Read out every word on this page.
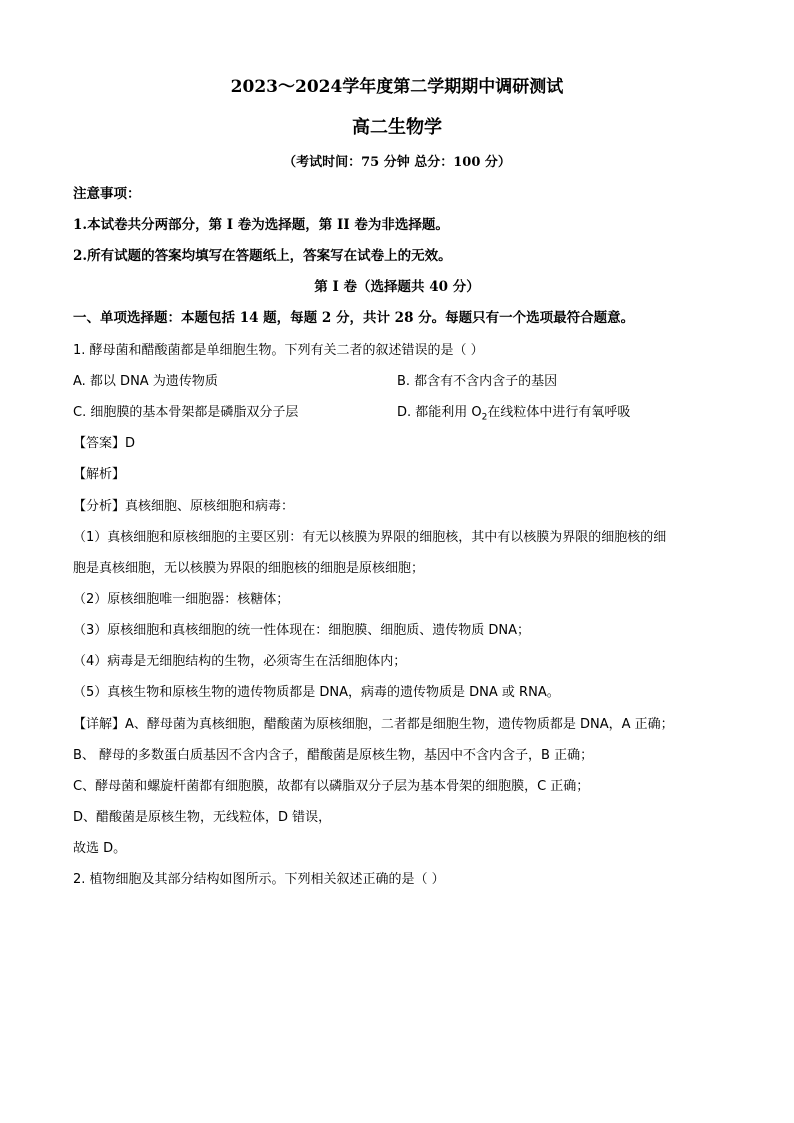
2023～2024学年度第二学期期中调研测试
高二生物学
（考试时间：75 分钟 总分：100 分）
注意事项：
1.本试卷共分两部分，第 I 卷为选择题，第 II 卷为非选择题。
2.所有试题的答案均填写在答题纸上，答案写在试卷上的无效。
第 I 卷（选择题共 40 分）
一、单项选择题：本题包括 14 题，每题 2 分，共计 28 分。每题只有一个选项最符合题意。
1. 酵母菌和醋酸菌都是单细胞生物。下列有关二者的叙述错误的是（ ）
A. 都以 DNA 为遗传物质	B. 都含有不含内含子的基因
C. 细胞膜的基本骨架都是磷脂双分子层	D. 都能利用 $O_2$在线粒体中进行有氧呼吸
【答案】D
【解析】
【分析】真核细胞、原核细胞和病毒：
（1）真核细胞和原核细胞的主要区别：有无以核膜为界限的细胞核，其中有以核膜为界限的细胞核的细
胞是真核细胞，无以核膜为界限的细胞核的细胞是原核细胞；
（2）原核细胞唯一细胞器：核糖体；
（3）原核细胞和真核细胞的统一性体现在：细胞膜、细胞质、遗传物质 DNA；
（4）病毒是无细胞结构的生物，必须寄生在活细胞体内；
（5）真核生物和原核生物的遗传物质都是 DNA，病毒的遗传物质是 DNA 或 RNA。
【详解】A、酵母菌为真核细胞，醋酸菌为原核细胞，二者都是细胞生物，遗传物质都是 DNA，A 正确；
B、 酵母的多数蛋白质基因不含内含子，醋酸菌是原核生物，基因中不含内含子，B 正确；
C、酵母菌和螺旋杆菌都有细胞膜，故都有以磷脂双分子层为基本骨架的细胞膜，C 正确；
D、醋酸菌是原核生物，无线粒体，D 错误，
故选 D。
2. 植物细胞及其部分结构如图所示。下列相关叙述正确的是（ ）
